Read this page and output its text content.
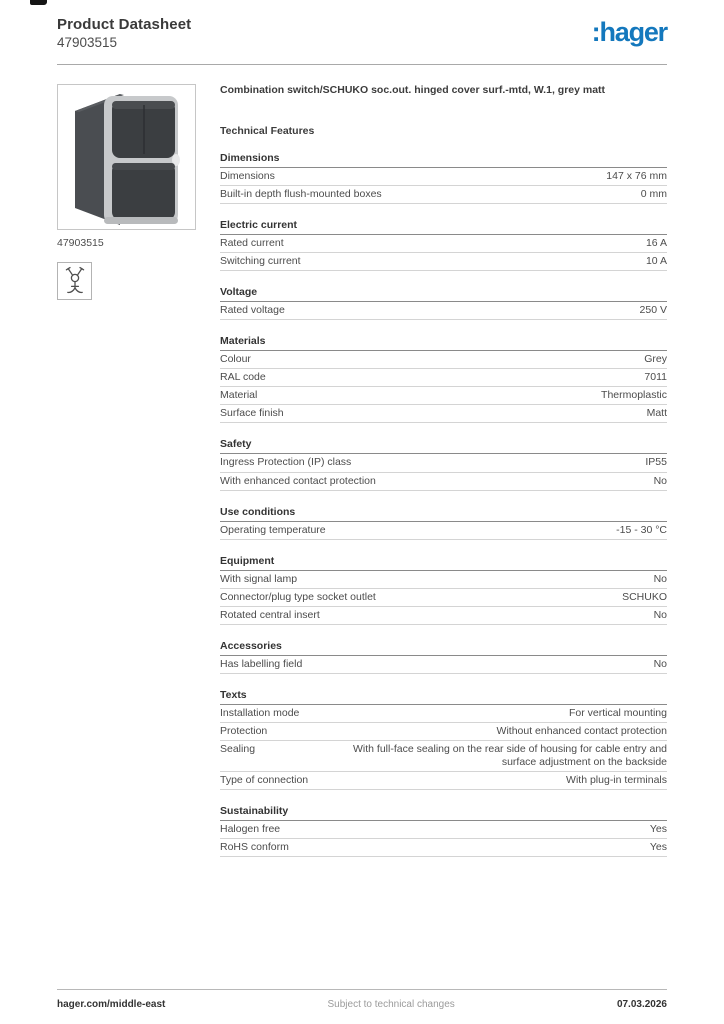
Product Datasheet
47903515	:hager
47903515
Combination switch/SCHUKO soc.out. hinged cover surf.-mtd, W.1, grey matt
Technical Features
Dimensions
Dimensions	147 x 76 mm
Built-in depth flush-mounted boxes	0 mm
Electric current
Rated current	16 A
Switching current	10 A
Voltage
Rated voltage	250 V
Materials
Colour	Grey
RAL code	7011
Material	Thermoplastic
Surface finish	Matt
Safety
Ingress Protection (IP) class	IP55
With enhanced contact protection	No
Use conditions
Operating temperature	-15 - 30 °C
Equipment
With signal lamp	No
Connector/plug type socket outlet	SCHUKO
Rotated central insert	No
Accessories
Has labelling field	No
Texts
Installation mode	For vertical mounting
Protection	Without enhanced contact protection
Sealing	With full-face sealing on the rear side of housing for cable entry and surface adjustment on the backside
Type of connection	With plug-in terminals
Sustainability
Halogen free	Yes
RoHS conform	Yes
hager.com/middle-east	Subject to technical changes	07.03.2026
